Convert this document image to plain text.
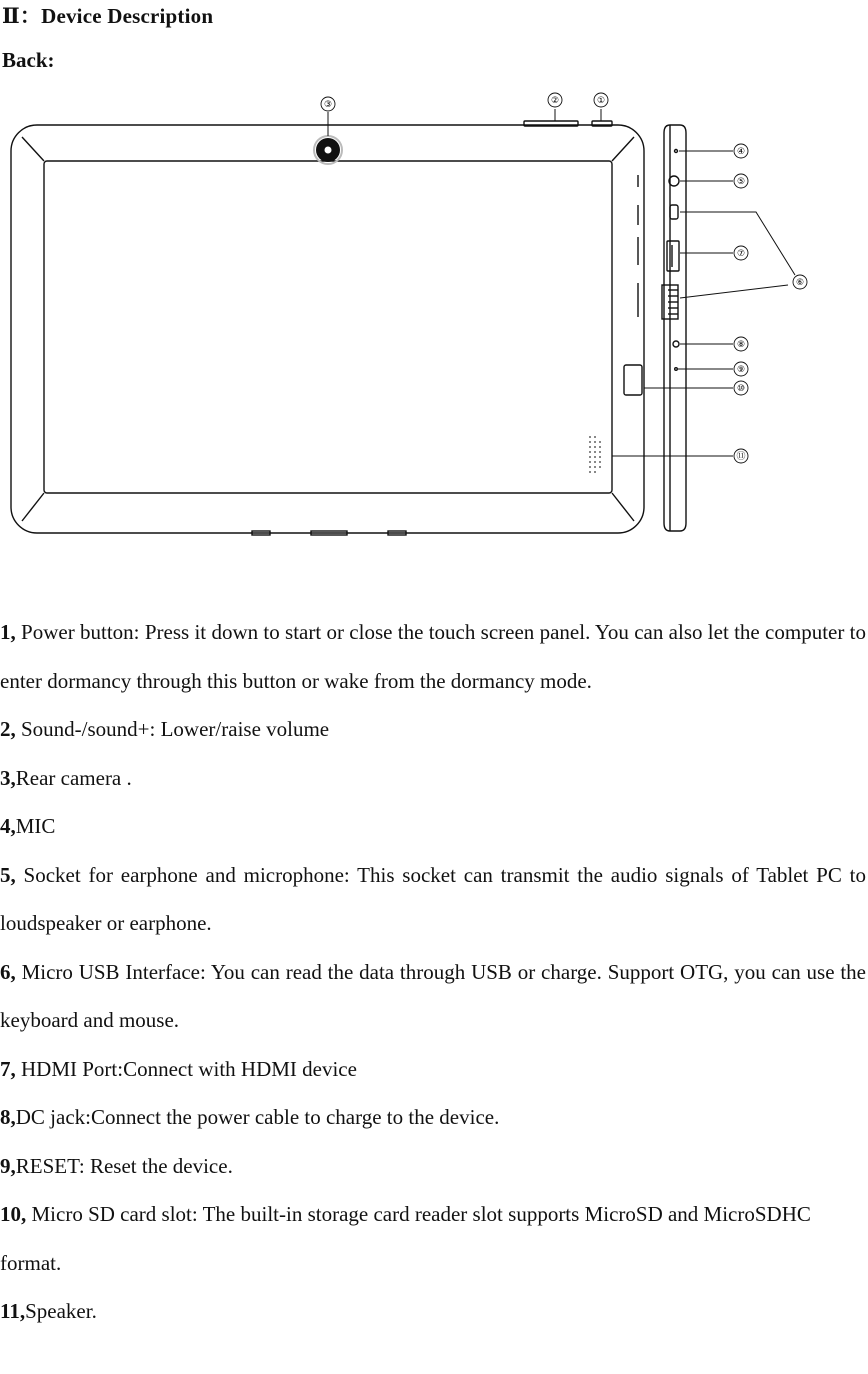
Ⅱ：Device Description
Back:
①
②
③
④
⑤
⑥
⑦
⑧
⑨
⑩
⑪

1, Power button: Press it down to start or close the touch screen panel. You can also let the computer to enter dormancy through this button or wake from the dormancy mode.

2, Sound-/sound+: Lower/raise volume

3,Rear camera .

4,MIC

5, Socket for earphone and microphone: This socket can transmit the audio signals of Tablet PC to loudspeaker or earphone.

6, Micro USB Interface: You can read the data through USB or charge. Support OTG, you can use the keyboard and mouse.

7, HDMI Port:Connect with HDMI device

8,DC jack:Connect the power cable to charge to the device.

9,RESET: Reset the device.

10, Micro SD card slot: The built-in storage card reader slot supports MicroSD and MicroSDHC format.

11,Speaker.
